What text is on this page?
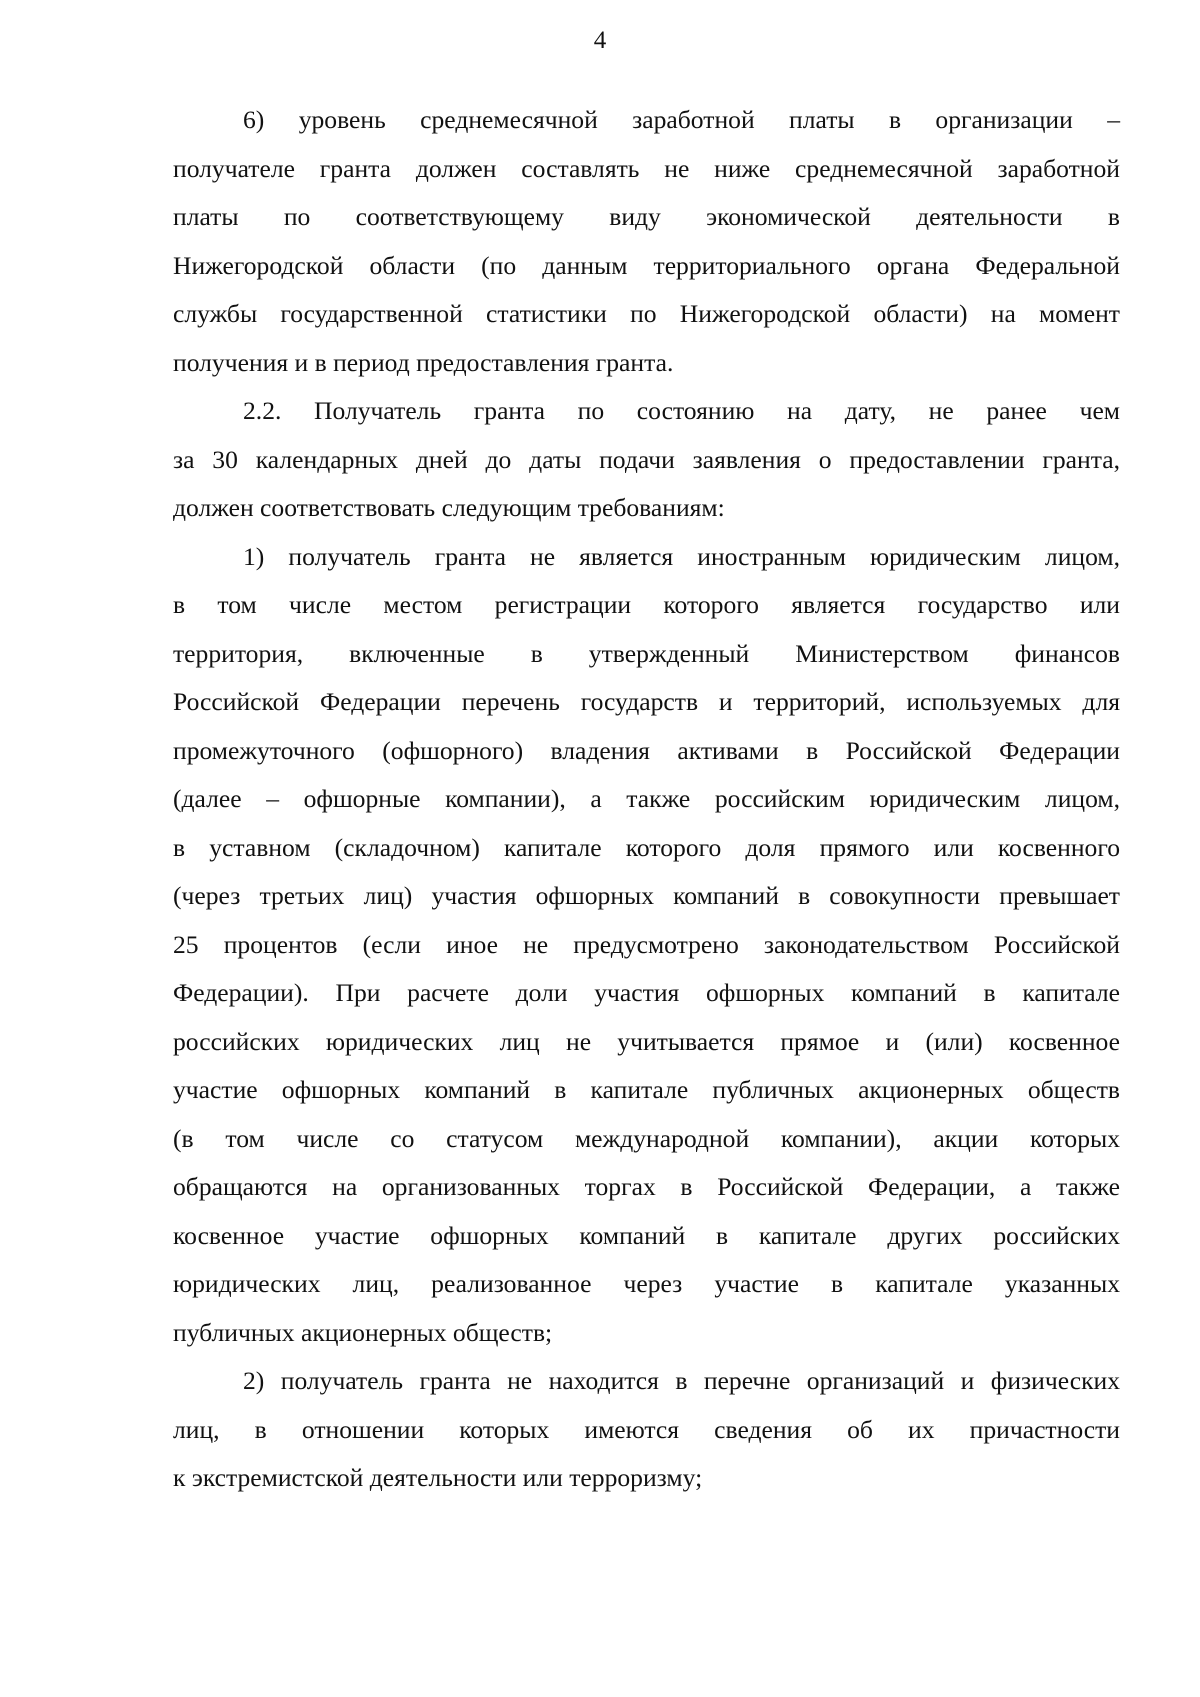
4

6) уровень среднемесячной заработной платы в организации –
получателе гранта должен составлять не ниже среднемесячной заработной
платы по соответствующему виду экономической деятельности в
Нижегородской области (по данным территориального органа Федеральной
службы государственной статистики по Нижегородской области) на момент
получения и в период предоставления гранта.

2.2. Получатель гранта по состоянию на дату, не ранее чем
за 30 календарных дней до даты подачи заявления о предоставлении гранта,
должен соответствовать следующим требованиям:

1) получатель гранта не является иностранным юридическим лицом,
в том числе местом регистрации которого является государство или
территория, включенные в утвержденный Министерством финансов
Российской Федерации перечень государств и территорий, используемых для
промежуточного (офшорного) владения активами в Российской Федерации
(далее – офшорные компании), а также российским юридическим лицом,
в уставном (складочном) капитале которого доля прямого или косвенного
(через третьих лиц) участия офшорных компаний в совокупности превышает
25 процентов (если иное не предусмотрено законодательством Российской
Федерации). При расчете доли участия офшорных компаний в капитале
российских юридических лиц не учитывается прямое и (или) косвенное
участие офшорных компаний в капитале публичных акционерных обществ
(в том числе со статусом международной компании), акции которых
обращаются на организованных торгах в Российской Федерации, а также
косвенное участие офшорных компаний в капитале других российских
юридических лиц, реализованное через участие в капитале указанных
публичных акционерных обществ;

2) получатель гранта не находится в перечне организаций и физических
лиц, в отношении которых имеются сведения об их причастности
к экстремистской деятельности или терроризму;
